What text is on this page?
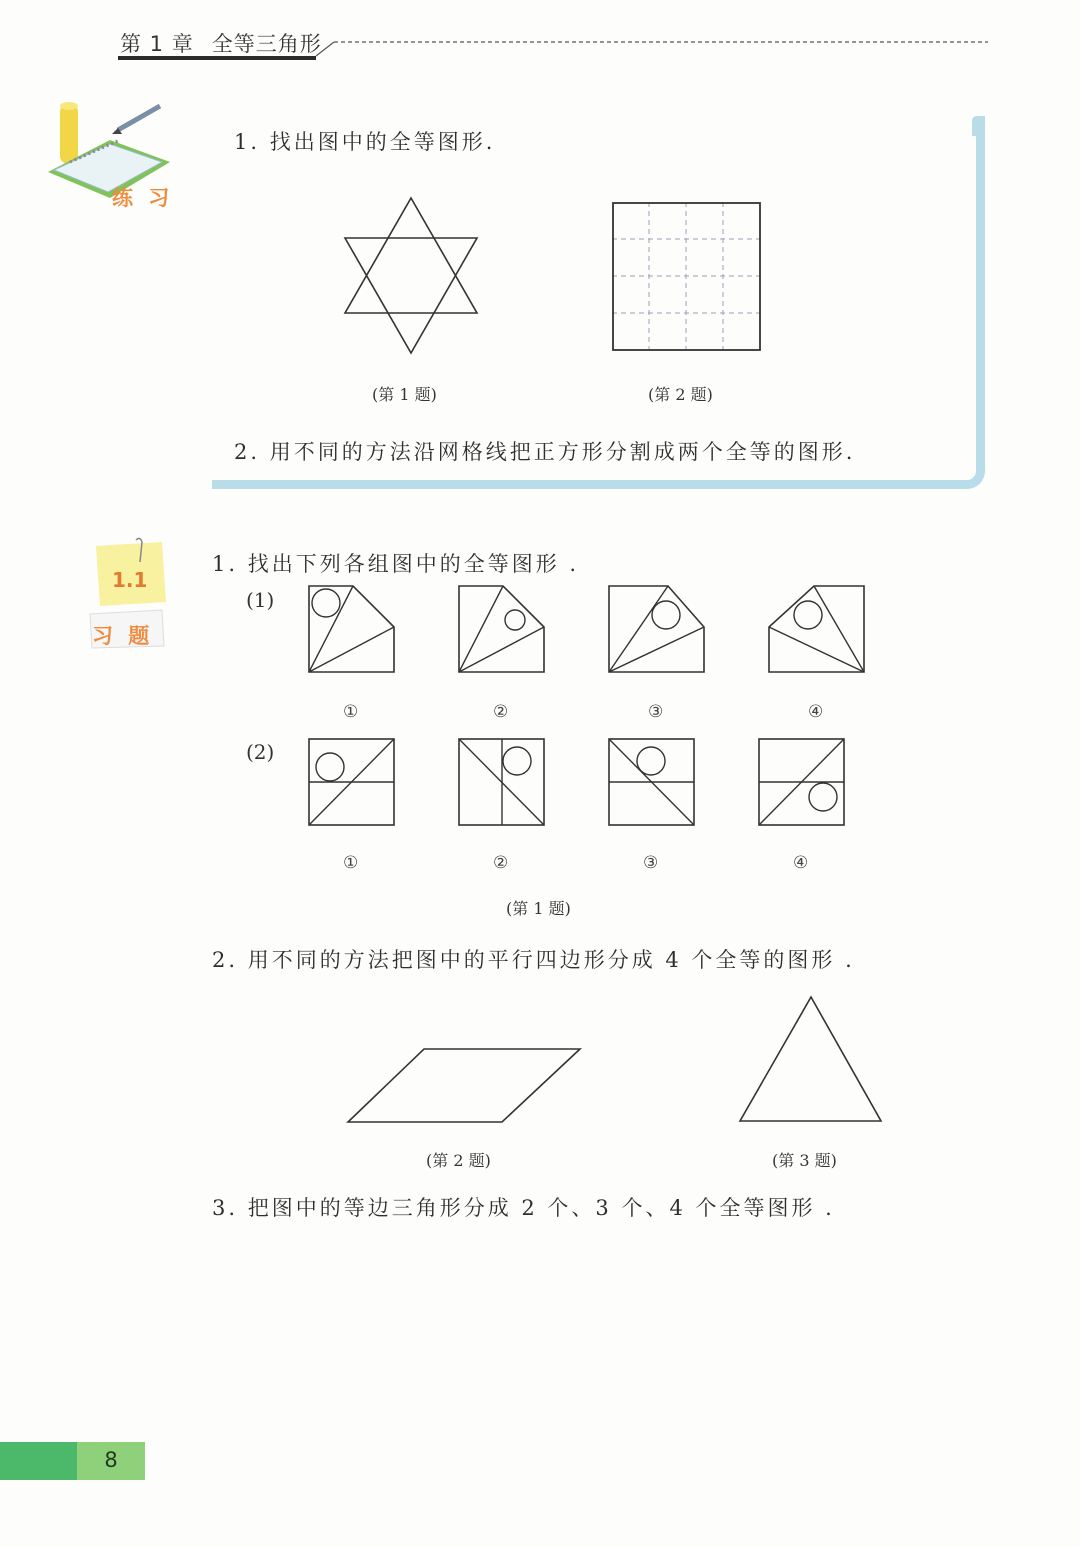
第 1 章 全等三角形
练 习
1. 找出图中的全等图形.
(第 1 题)	(第 2 题)
2. 用不同的方法沿网格线把正方形分割成两个全等的图形.
1.1
习 题
1. 找出下列各组图中的全等图形 .
(1)
①	②	③	④
(2)
①	②	③	④
(第 1 题)
2. 用不同的方法把图中的平行四边形分成 4 个全等的图形 .
(第 2 题)	(第 3 题)
3. 把图中的等边三角形分成 2 个、3 个、4 个全等图形 .
8
